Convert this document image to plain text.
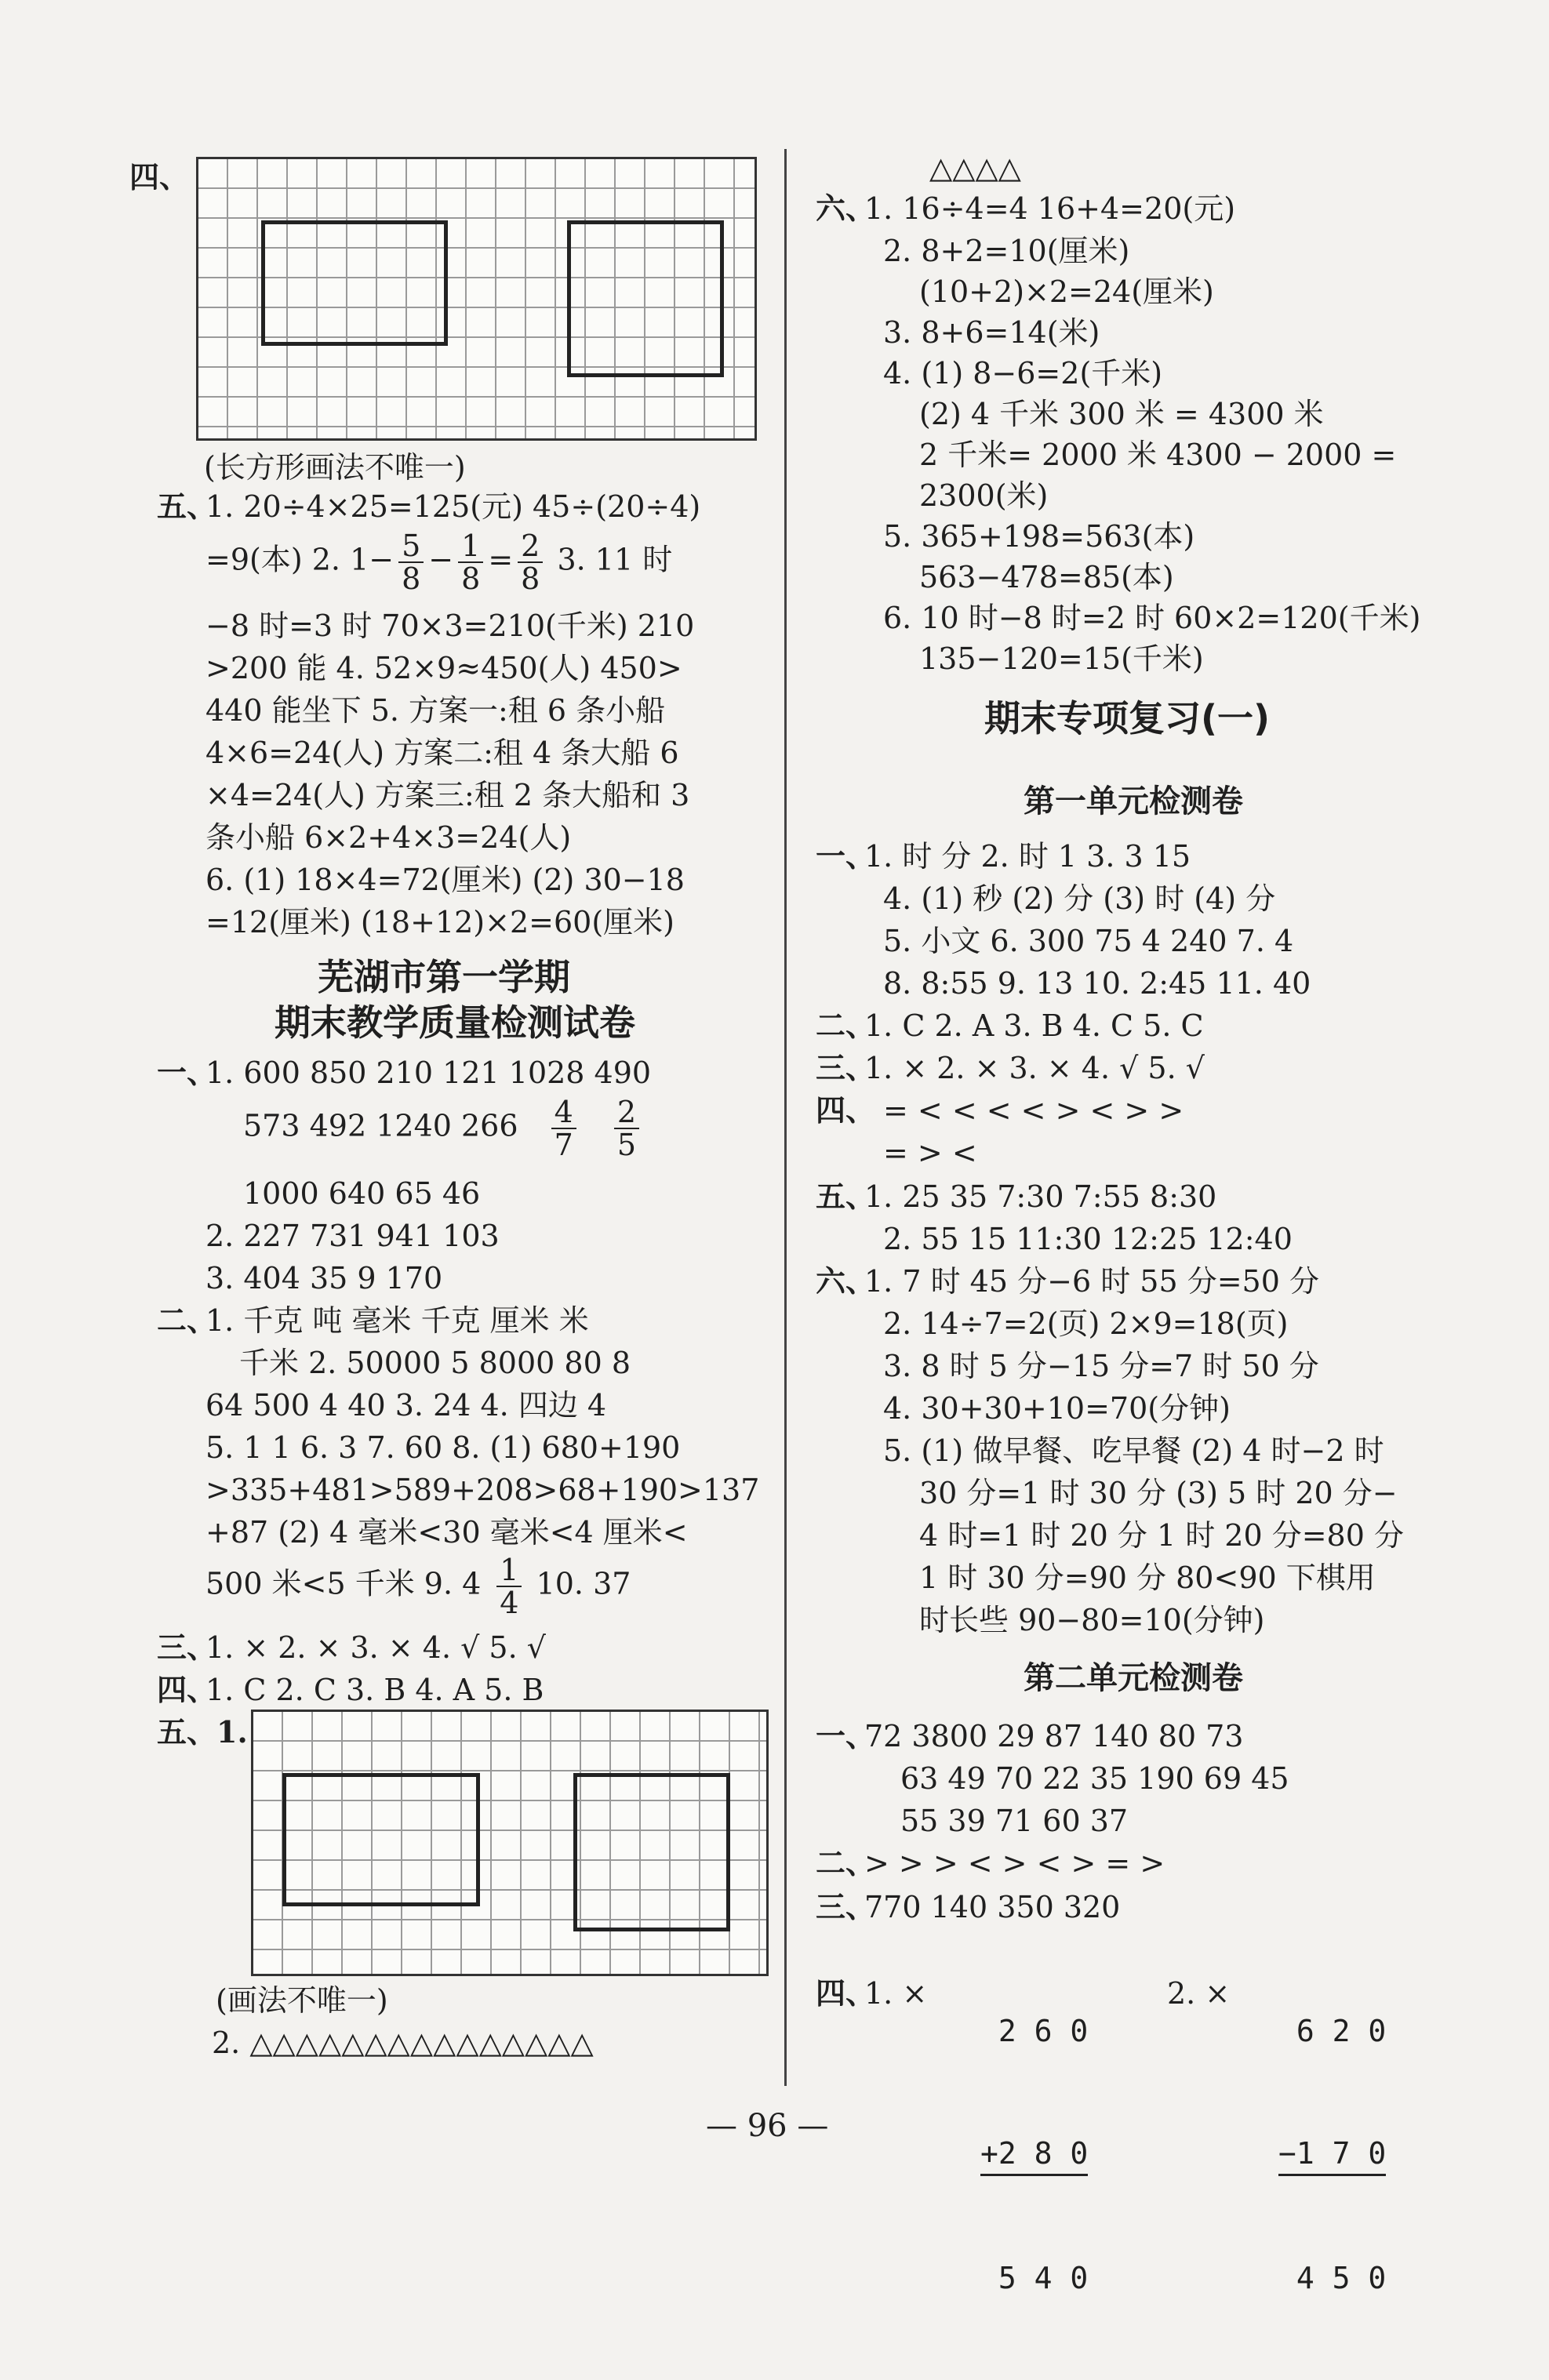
四、
(长方形画法不唯一)
五、
1. 20÷4×25=125(元) 45÷(20÷4)
=9(本) 2. $1- \frac{5}{8} - \frac{1}{8} = \frac{2}{8} 3$. 11 时
−8 时=3 时 70×3=210(千米) 210
>200 能 4. 52×9≈450(人) 450>
440 能坐下 5. 方案一:租 6 条小船
4×6=24(人) 方案二:租 4 条大船 6
×4=24(人) 方案三:租 2 条大船和 3
条小船 6×2+4×3=24(人)
6. (1) 18×4=72(厘米) (2) 30−18
=12(厘米) (18+12)×2=60(厘米)
芜湖市第一学期
期末教学质量检测试卷
一、
1. 600 850 210 121 1028 490
573 492 1240 $266 \frac{4}{7}$
$\frac{2}{5}$
1000 640 65 46
2. 227 731 941 103
3. 404 35 9 170
二、
1. 千克 吨 毫米 千克 厘米 米
千米 2. 50000 5 8000 80 8
64 500 4 40 3. 24 4. 四边 4
5. 1 1 6. 3 7. 60 8. (1) 680+190
>335+481>589+208>68+190>137
+87 (2) 4 毫米<30 毫米<4 厘米<
500 米<5 千米 9. $4 \frac{1}{4} 10$. 37
三、
1. × 2. × 3. × 4. √ 5. √
四、
1. C 2. C 3. B 4. A 5. B
五、1.
(画法不唯一)
2. △△△△△△△△△△△△△△△
△△△△
六、
1. 16÷4=4 16+4=20(元)
2. 8+2=10(厘米)
(10+2)×2=24(厘米)
3. 8+6=14(米)
4. (1) 8−6=2(千米)
(2) 4 千米 300 米 = 4300 米
2 千米= 2000 米 4300 − 2000 =
2300(米)
5. 365+198=563(本)
563−478=85(本)
6. 10 时−8 时=2 时 60×2=120(千米)
135−120=15(千米)
期末专项复习(一)
第一单元检测卷
一、
1. 时 分 2. 时 1 3. 3 15
4. (1) 秒 (2) 分 (3) 时 (4) 分
5. 小文 6. 300 75 4 240 7. 4
8. 8:55 9. 13 10. 2:45 11. 40
二、
1. C 2. A 3. B 4. C 5. C
三、
1. × 2. × 3. × 4. √ 5. √
四、 = < < < < > < > >
= > <
五、
1. 25 35 7:30 7:55 8:30
2. 55 15 11:30 12:25 12:40
六、
1. 7 时 45 分−6 时 55 分=50 分
2. 14÷7=2(页) 2×9=18(页)
3. 8 时 5 分−15 分=7 时 50 分
4. 30+30+10=70(分钟)
5. (1) 做早餐、吃早餐 (2) 4 时−2 时
30 分=1 时 30 分 (3) 5 时 20 分−
4 时=1 时 20 分 1 时 20 分=80 分
1 时 30 分=90 分 80<90 下棋用
时长些 90−80=10(分钟)
第二单元检测卷
一、
72 3800 29 87 140 80 73
63 49 70 22 35 190 69 45
55 39 71 60 37
二、
> > > < > < > = >
三、
770 140 350 320
四、
1. ×

2 6 0

+2 8 0

5 4 0

2. ×

6 2 0

−1 7 0

4 5 0

— 96 —
